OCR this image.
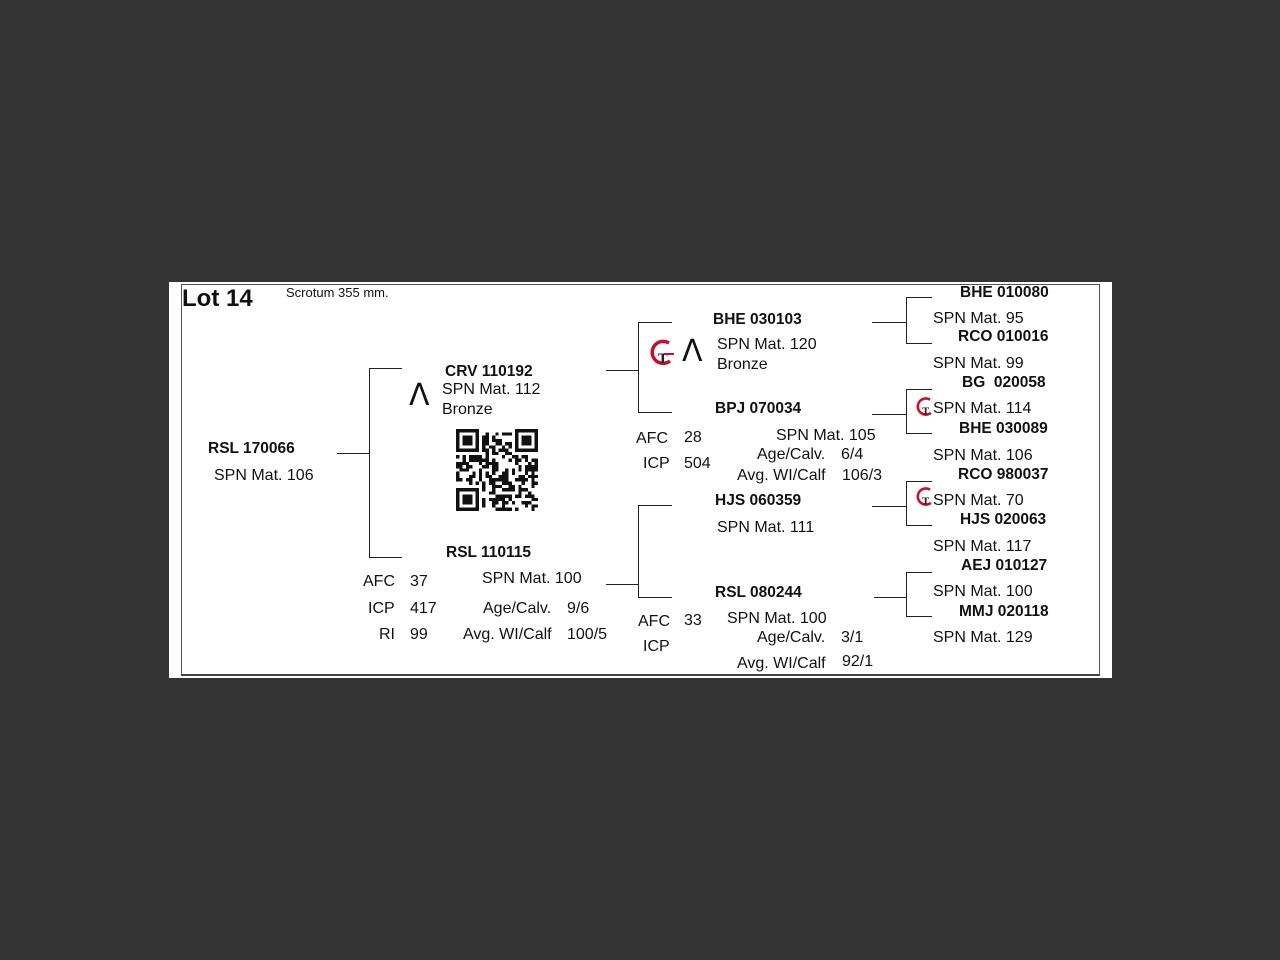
Lot 14	Scrotum 355 mm.
RSL 170066
SPN Mat. 106
Λ
CRV 110192
SPN Mat. 112
Bronze
RSL 110115
SPN Mat. 100
AFC 37
ICP 417
RI 99
Age/Calv. 9/6
Avg. WI/Calf 100/5
T Λ
BHE 030103
SPN Mat. 120
Bronze
BPJ 070034
SPN Mat. 105
AFC 28
ICP 504
Age/Calv. 6/4
Avg. WI/Calf 106/3
HJS 060359
SPN Mat. 111
RSL 080244
SPN Mat. 100
AFC 33
ICP
Age/Calv. 3/1
Avg. WI/Calf 92/1
T
T
BHE 010080
SPN Mat. 95
RCO 010016
SPN Mat. 99
BG  020058
SPN Mat. 114
BHE 030089
SPN Mat. 106
RCO 980037
SPN Mat. 70
HJS 020063
SPN Mat. 117
AEJ 010127
SPN Mat. 100
MMJ 020118
SPN Mat. 129
